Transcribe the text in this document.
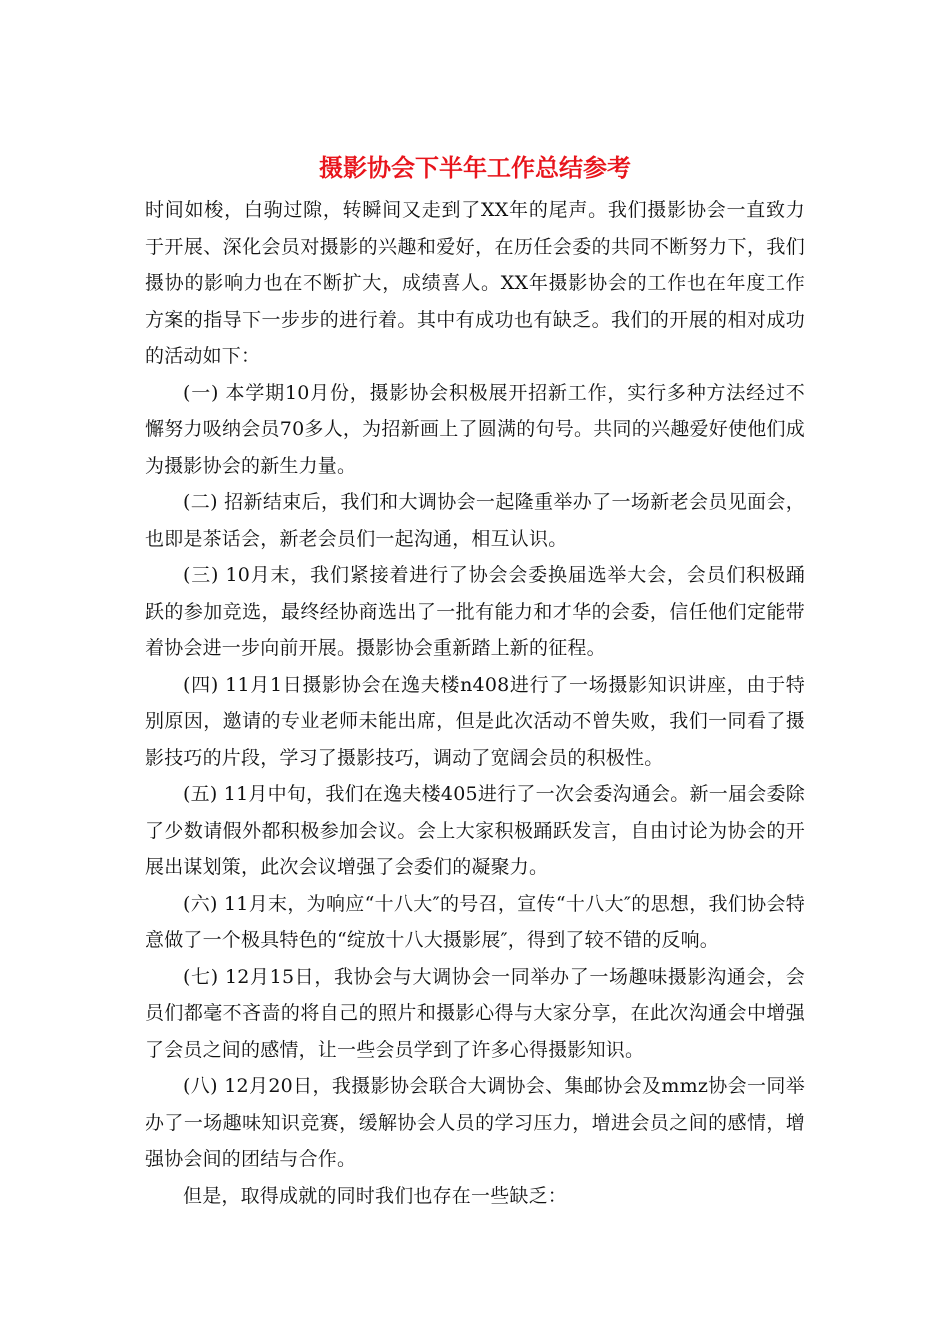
摄影协会下半年工作总结参考

时间如梭，白驹过隙，转瞬间又走到了XX年的尾声。我们摄影协会一直致力于开展、深化会员对摄影的兴趣和爱好，在历任会委的共同不断努力下，我们摄协的影响力也在不断扩大，成绩喜人。XX年摄影协会的工作也在年度工作方案的指导下一步步的进行着。其中有成功也有缺乏。我们的开展的相对成功的活动如下：

(一) 本学期10月份，摄影协会积极展开招新工作，实行多种方法经过不懈努力吸纳会员70多人，为招新画上了圆满的句号。共同的兴趣爱好使他们成为摄影协会的新生力量。

(二) 招新结束后，我们和大调协会一起隆重举办了一场新老会员见面会，也即是茶话会，新老会员们一起沟通，相互认识。

(三) 10月末，我们紧接着进行了协会会委换届选举大会，会员们积极踊跃的参加竞选，最终经协商选出了一批有能力和才华的会委，信任他们定能带着协会进一步向前开展。摄影协会重新踏上新的征程。

(四) 11月1日摄影协会在逸夫楼n408进行了一场摄影知识讲座，由于特别原因，邀请的专业老师未能出席，但是此次活动不曾失败，我们一同看了摄影技巧的片段，学习了摄影技巧，调动了宽阔会员的积极性。

(五) 11月中旬，我们在逸夫楼405进行了一次会委沟通会。新一届会委除了少数请假外都积极参加会议。会上大家积极踊跃发言，自由讨论为协会的开展出谋划策，此次会议增强了会委们的凝聚力。

(六) 11月末，为响应“十八大″的号召，宣传“十八大″的思想，我们协会特意做了一个极具特色的“绽放十八大摄影展″，得到了较不错的反响。

(七) 12月15日，我协会与大调协会一同举办了一场趣味摄影沟通会，会员们都毫不吝啬的将自己的照片和摄影心得与大家分享，在此次沟通会中增强了会员之间的感情，让一些会员学到了许多心得摄影知识。

(八) 12月20日，我摄影协会联合大调协会、集邮协会及mmz协会一同举办了一场趣味知识竞赛，缓解协会人员的学习压力，增进会员之间的感情，增强协会间的团结与合作。

但是，取得成就的同时我们也存在一些缺乏：
